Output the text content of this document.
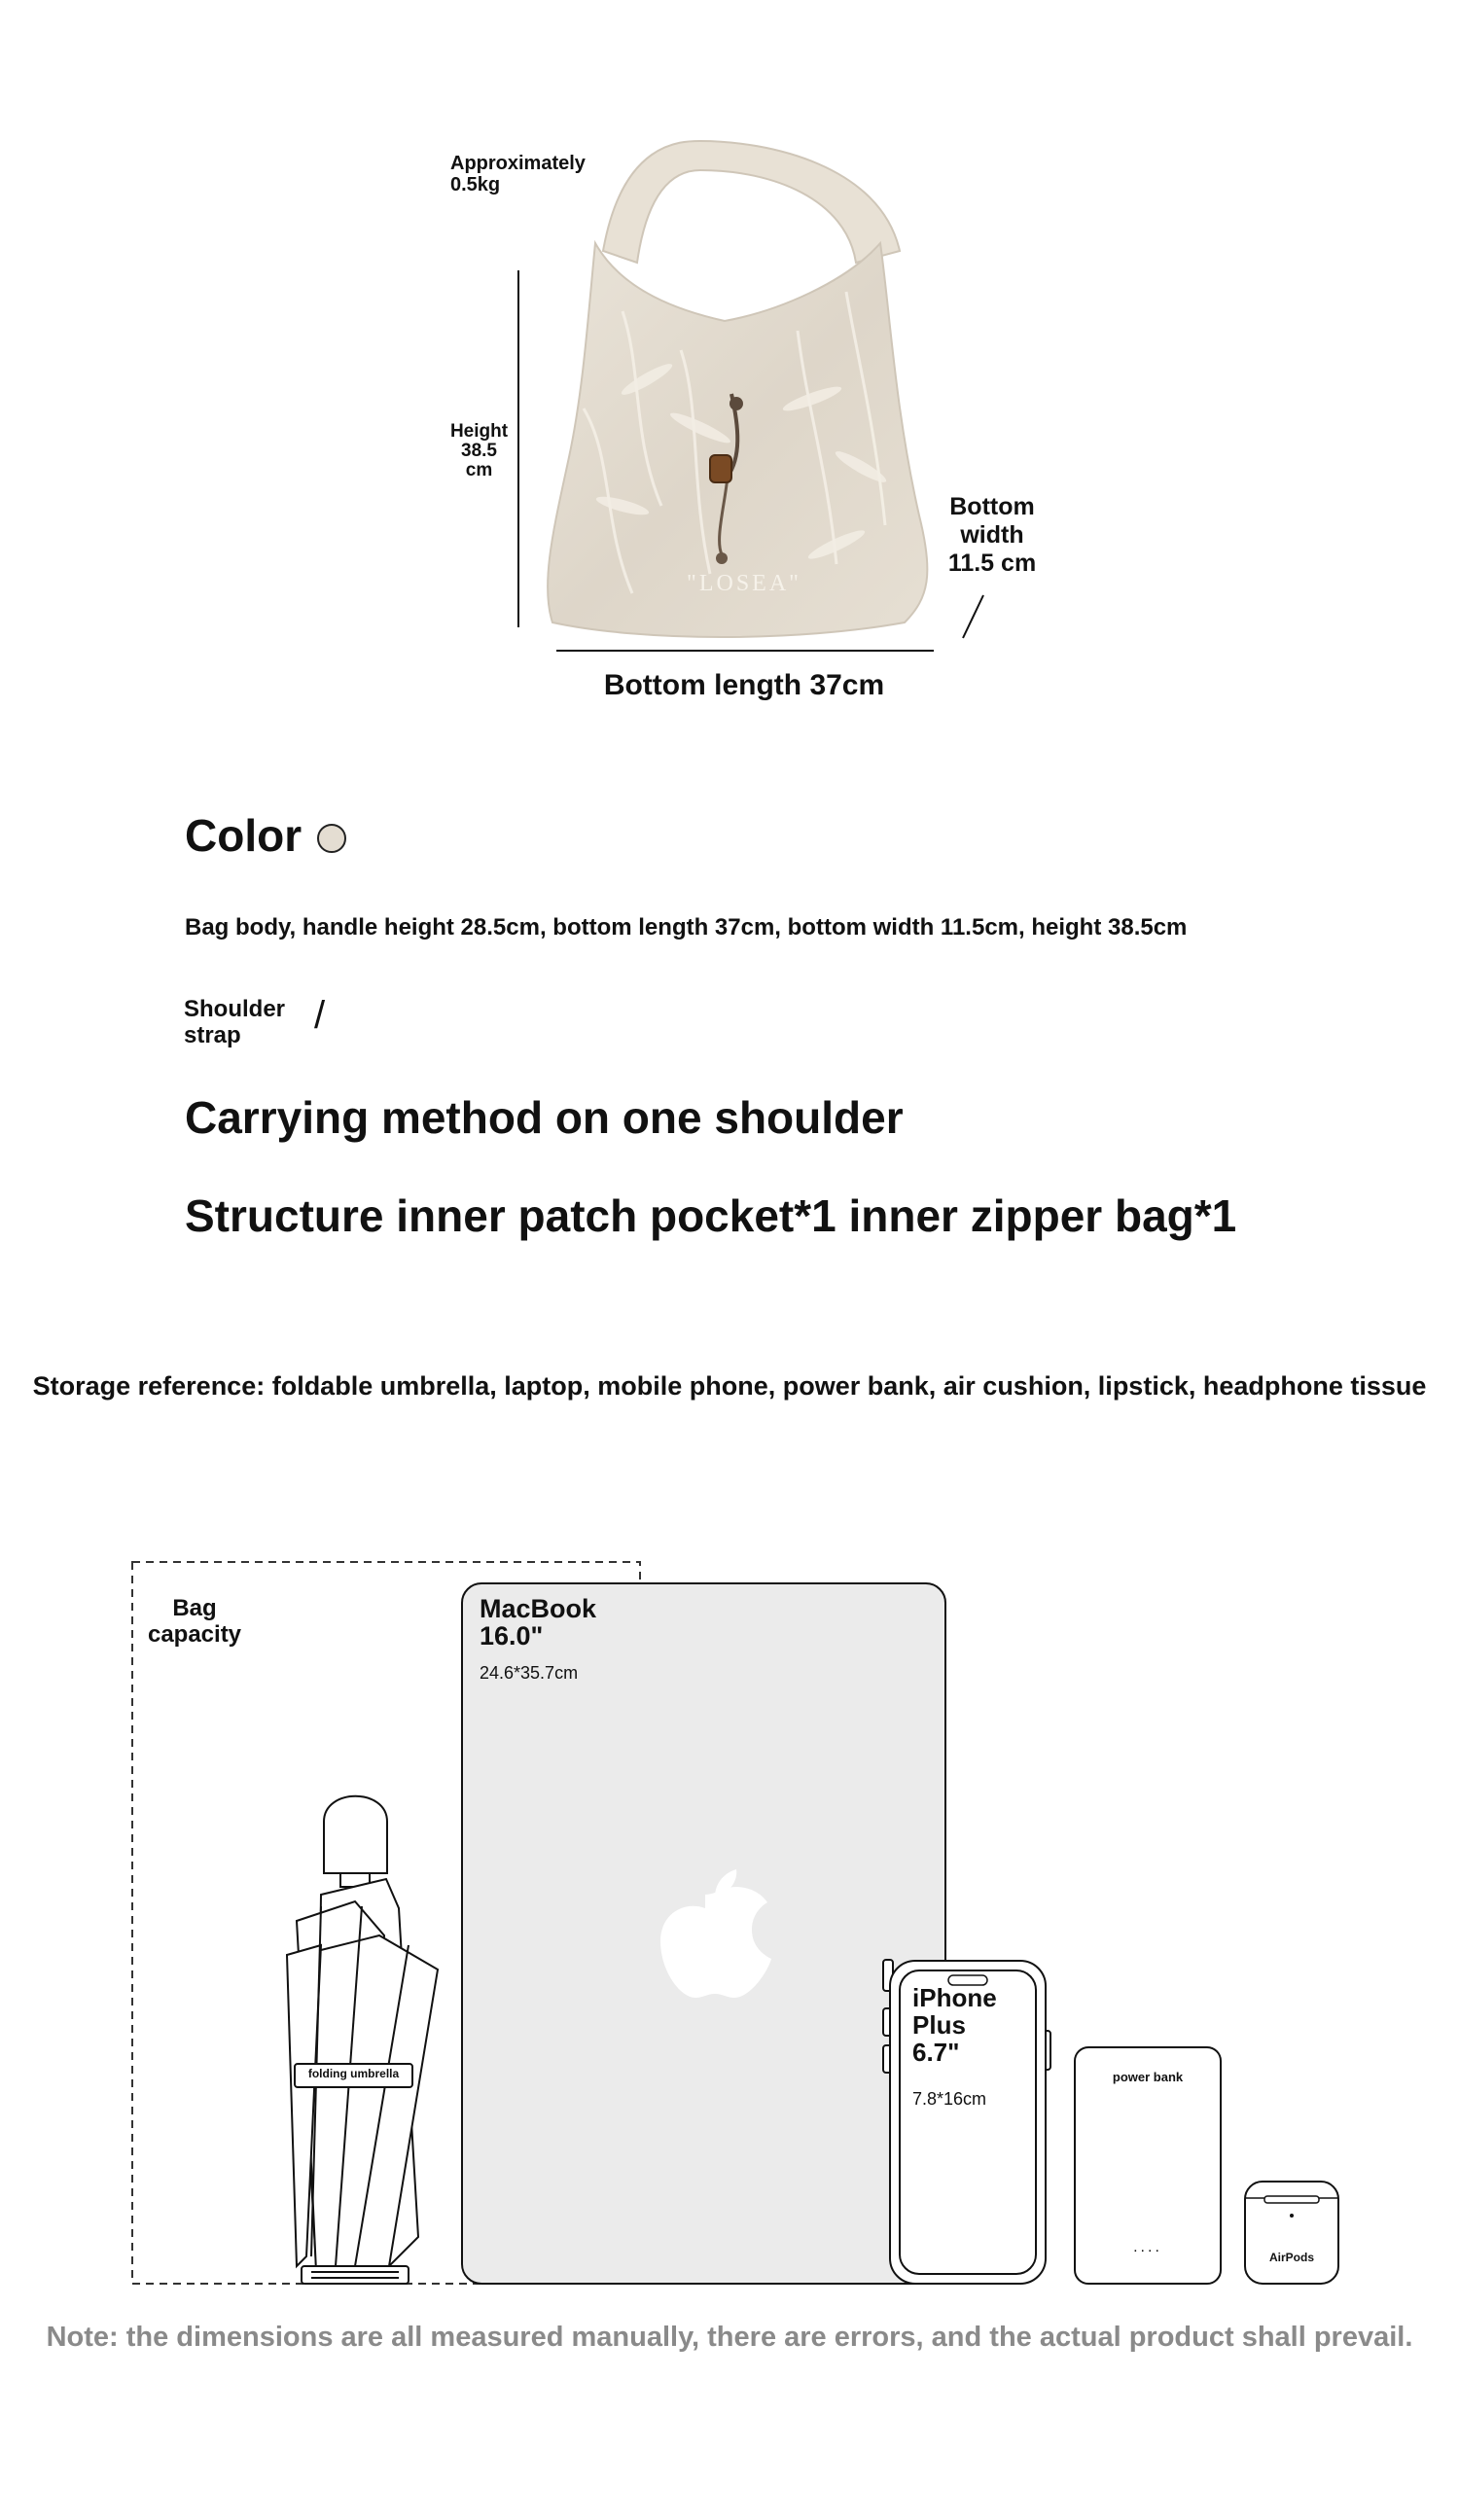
"LOSEA"
Approximately
0.5kg
Height
38.5
cm
Bottom
width
11.5 cm
Bottom length 37cm
Color
Bag body, handle height 28.5cm, bottom length 37cm, bottom width 11.5cm, height 38.5cm
Shoulder
strap	/
Carrying method on one shoulder
Structure inner patch pocket*1 inner zipper bag*1
Storage reference: foldable umbrella, laptop, mobile phone, power bank, air cushion, lipstick, headphone tissue
Bag
capacity
folding umbrella
MacBook
16.0"
24.6*35.7cm
iPhone
Plus
6.7"
7.8*16cm
power bank
....
AirPods
Note: the dimensions are all measured manually, there are errors, and the actual product shall prevail.
